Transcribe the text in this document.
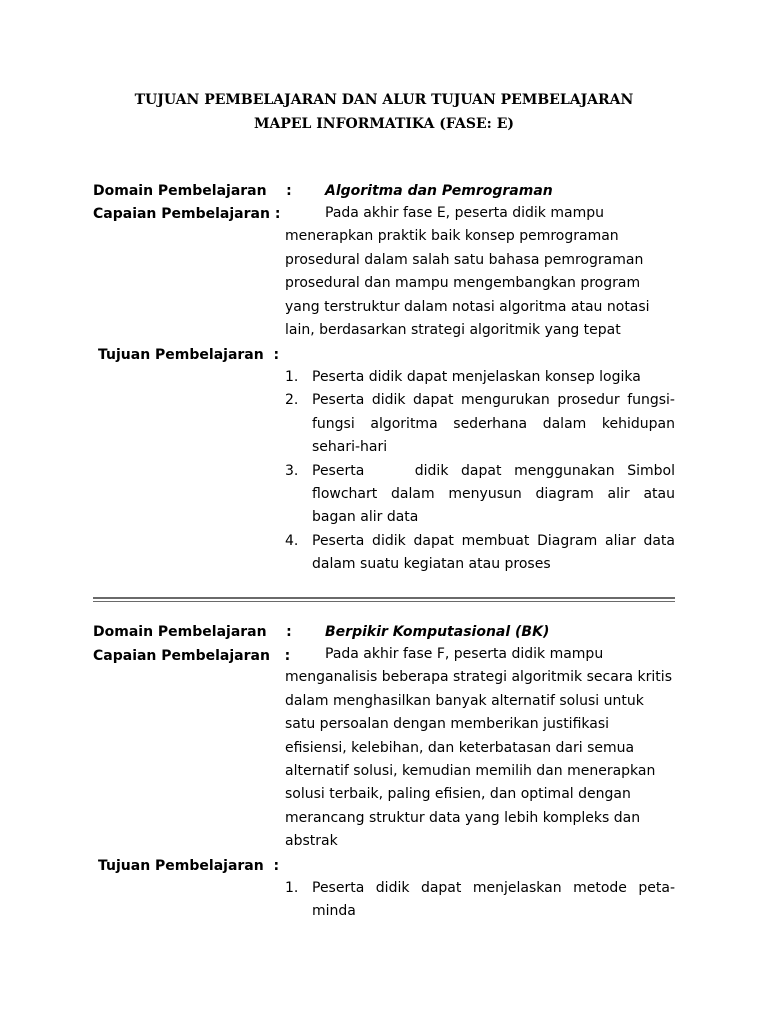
TUJUAN PEMBELAJARAN DAN ALUR TUJUAN PEMBELAJARAN
MAPEL INFORMATIKA (FASE: E)
Domain Pembelajaran    : Algoritma dan Pemrograman
Capaian Pembelajaran :	Pada akhir fase E, peserta didik mampu menerapkan praktik baik konsep pemrograman prosedural dalam salah satu bahasa pemrograman prosedural dan mampu mengembangkan program yang terstruktur dalam notasi algoritma atau notasi lain, berdasarkan strategi algoritmik yang tepat

Tujuan Pembelajaran  :
1. Peserta didik dapat menjelaskan konsep logika
2. Peserta didik dapat mengurukan prosedur fungsi-fungsi algoritma sederhana dalam kehidupan sehari-hari
3. Peserta    didik dapat menggunakan Simbol flowchart dalam menyusun diagram alir atau bagan alir data
4. Peserta didik dapat membuat Diagram aliar data dalam suatu kegiatan atau proses
Domain Pembelajaran    : Berpikir Komputasional (BK)
Capaian Pembelajaran   :	Pada akhir fase F, peserta didik mampu menganalisis beberapa strategi algoritmik secara kritis dalam menghasilkan banyak alternatif solusi untuk satu persoalan dengan memberikan justifikasi efisiensi, kelebihan, dan keterbatasan dari semua alternatif solusi, kemudian memilih dan menerapkan solusi terbaik, paling efisien, dan optimal dengan merancang struktur data yang lebih kompleks dan abstrak

Tujuan Pembelajaran  :
1. Peserta didik dapat menjelaskan metode peta-minda
